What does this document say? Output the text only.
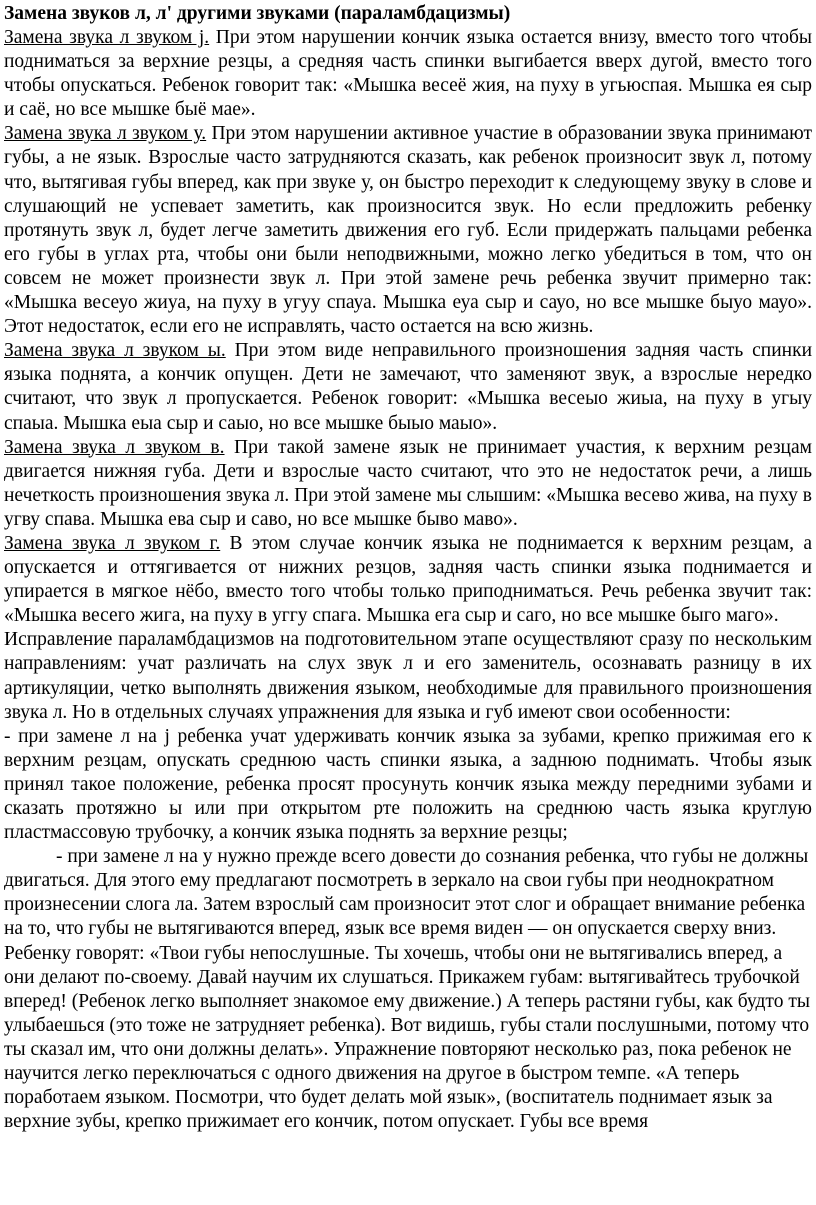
Замена звуков л, л' другими звуками (параламбдацизмы)

Замена звука л звуком j. При этом нарушении кончик языка остается внизу, вместо того чтобы подниматься за верхние резцы, а средняя часть спинки выгибается вверх дугой, вместо того чтобы опускаться. Ребенок говорит так: «Мышка весеё жия, на пуху в угьюспая. Мышка ея сыр и саё, но все мышке быё мае».

Замена звука л звуком у. При этом нарушении активное участие в образовании звука принимают губы, а не язык. Взрослые часто затрудняются сказать, как ребенок произносит звук л, потому что, вытягивая губы вперед, как при звуке у, он быстро переходит к следующему звуку в слове и слушающий не успевает заметить, как произносится звук. Но если предложить ребенку протянуть звук л, будет легче заметить движения его губ. Если придержать пальцами ребенка его губы в углах рта, чтобы они были неподвижными, можно легко убедиться в том, что он совсем не может произнести звук л. При этой замене речь ребенка звучит примерно так: «Мышка весеуо жиуа, на пуху в угуу спауа. Мышка еуа сыр и сауо, но все мышке быуо мауо». Этот недостаток, если его не исправлять, часто остается на всю жизнь.

Замена звука л звуком ы. При этом виде неправильного произношения задняя часть спинки языка поднята, а кончик опущен. Дети не замечают, что заменяют звук, а взрослые нередко считают, что звук л пропускается. Ребенок говорит: «Мышка весеыо жиыа, на пуху в угыу спаыа. Мышка еыа сыр и саыо, но все мышке быыо маыо».

Замена звука л звуком в. При такой замене язык не принимает участия, к верхним резцам двигается нижняя губа. Дети и взрослые часто считают, что это не недостаток речи, а лишь нечеткость произношения звука л. При этой замене мы слышим: «Мышка весево жива, на пуху в угву спава. Мышка ева сыр и саво, но все мышке быво маво».

Замена звука л звуком г. В этом случае кончик языка не поднимается к верхним резцам, а опускается и оттягивается от нижних резцов, задняя часть спинки языка поднимается и упирается в мягкое нёбо, вместо того чтобы только приподниматься. Речь ребенка звучит так: «Мышка весего жига, на пуху в уггу спага. Мышка ега сыр и саго, но все мышке быго маго».

Исправление параламбдацизмов на подготовительном этапе осуществляют сразу по нескольким направлениям: учат различать на слух звук л и его заменитель, осознавать разницу в их артикуляции, четко выполнять движения языком, необходимые для правильного произношения звука л. Но в отдельных случаях упражнения для языка и губ имеют свои особенности:

- при замене л на j ребенка учат удерживать кончик языка за зубами, крепко прижимая его к верхним резцам, опускать среднюю часть спинки языка, а заднюю поднимать. Чтобы язык принял такое положение, ребенка просят просунуть кончик языка между передними зубами и сказать протяжно ы или при открытом рте положить на среднюю часть языка круглую пластмассовую трубочку, а кончик языка поднять за верхние резцы;

- при замене л на у нужно прежде всего довести до сознания ребенка, что губы не должны двигаться. Для этого ему предлагают посмотреть в зеркало на свои губы при неоднократном произнесении слога ла. Затем взрослый сам произносит этот слог и обращает внимание ребенка на то, что губы не вытягиваются вперед, язык все время виден — он опускается сверху вниз. Ребенку говорят: «Твои губы непослушные. Ты хочешь, чтобы они не вытягивались вперед, а они делают по-своему. Давай научим их слушаться. Прикажем губам: вытягивайтесь трубочкой вперед! (Ребенок легко выполняет знакомое ему движение.) А теперь растяни губы, как будто ты улыбаешься (это тоже не затрудняет ребенка). Вот видишь, губы стали послушными, потому что ты сказал им, что они должны делать». Упражнение повторяют несколько раз, пока ребенок не научится легко переключаться с одного движения на другое в быстром темпе. «А теперь поработаем языком. Посмотри, что будет делать мой язык», (воспитатель поднимает язык за верхние зубы, крепко прижимает его кончик, потом опускает. Губы все время
